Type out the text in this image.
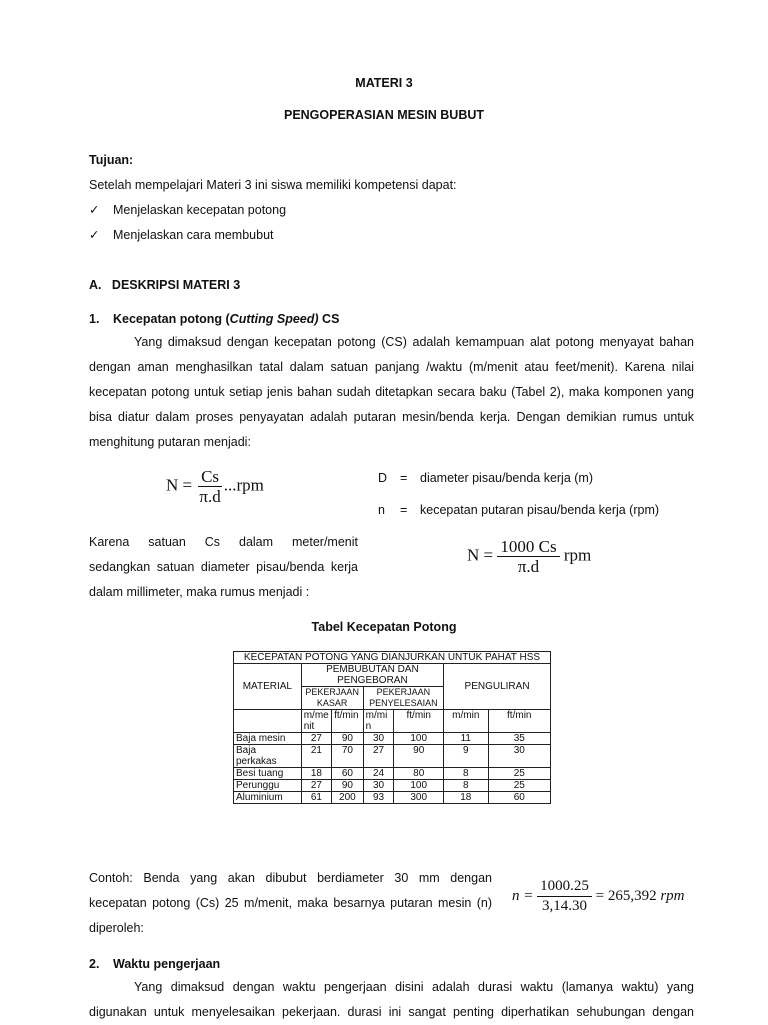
MATERI 3
PENGOPERASIAN MESIN BUBUT
Tujuan:
Setelah mempelajari Materi 3 ini siswa memiliki kompetensi dapat:
✓ Menjelaskan kecepatan potong
✓ Menjelaskan cara membubut
A.   DESKRIPSI MATERI 3
1. Kecepatan potong (Cutting Speed) CS

Yang dimaksud dengan kecepatan potong (CS) adalah kemampuan alat potong menyayat bahan

dengan aman menghasilkan tatal dalam satuan panjang /waktu (m/menit atau feet/menit). Karena nilai

kecepatan potong untuk setiap jenis bahan sudah ditetapkan secara baku (Tabel 2), maka komponen yang

bisa diatur dalam proses penyayatan adalah putaran mesin/benda kerja. Dengan demikian rumus untuk

menghitung putaran menjadi:

$N = \frac{Cs}{\pi.d} ...rpm$	D = diameter pisau/benda kerja (m)
n = kecepatan putaran pisau/benda kerja (rpm)

Karena satuan Cs dalam meter/menit

sedangkan satuan diameter pisau/benda kerja

dalam millimeter, maka rumus menjadi :

$N = \frac{1000 Cs}{\pi.d}$ rpm
Tabel Kecepatan Potong
KECEPATAN POTONG YANG DIANJURKAN UNTUK PAHAT HSS						
MATERIAL	PEMBUBUTAN DAN PENGEBORAN				PENGULIRAN	
	PEKERJAAN KASAR		PEKERJAAN PENYELESAIAN			
	m/menit	ft/min	m/min	ft/min	m/min	ft/min
Baja mesin	27	90	30	100	11	35
Baja perkakas	21	70	27	90	9	30
Besi tuang	18	60	24	80	8	25
Perunggu	27	90	30	100	8	25
Aluminium	61	200	93	300	18	60

Contoh: Benda yang akan dibubut berdiameter 30 mm dengan

kecepatan potong (Cs) 25 m/menit, maka besarnya putaran mesin (n)

diperoleh:

$n = \frac{1000.25}{3,14.30} = 265,392$ rpm
2. Waktu pengerjaan

Yang dimaksud dengan waktu pengerjaan disini adalah durasi waktu (lamanya waktu) yang

digunakan untuk menyelesaikan pekerjaan. durasi ini sangat penting diperhatikan sehubungan dengan
